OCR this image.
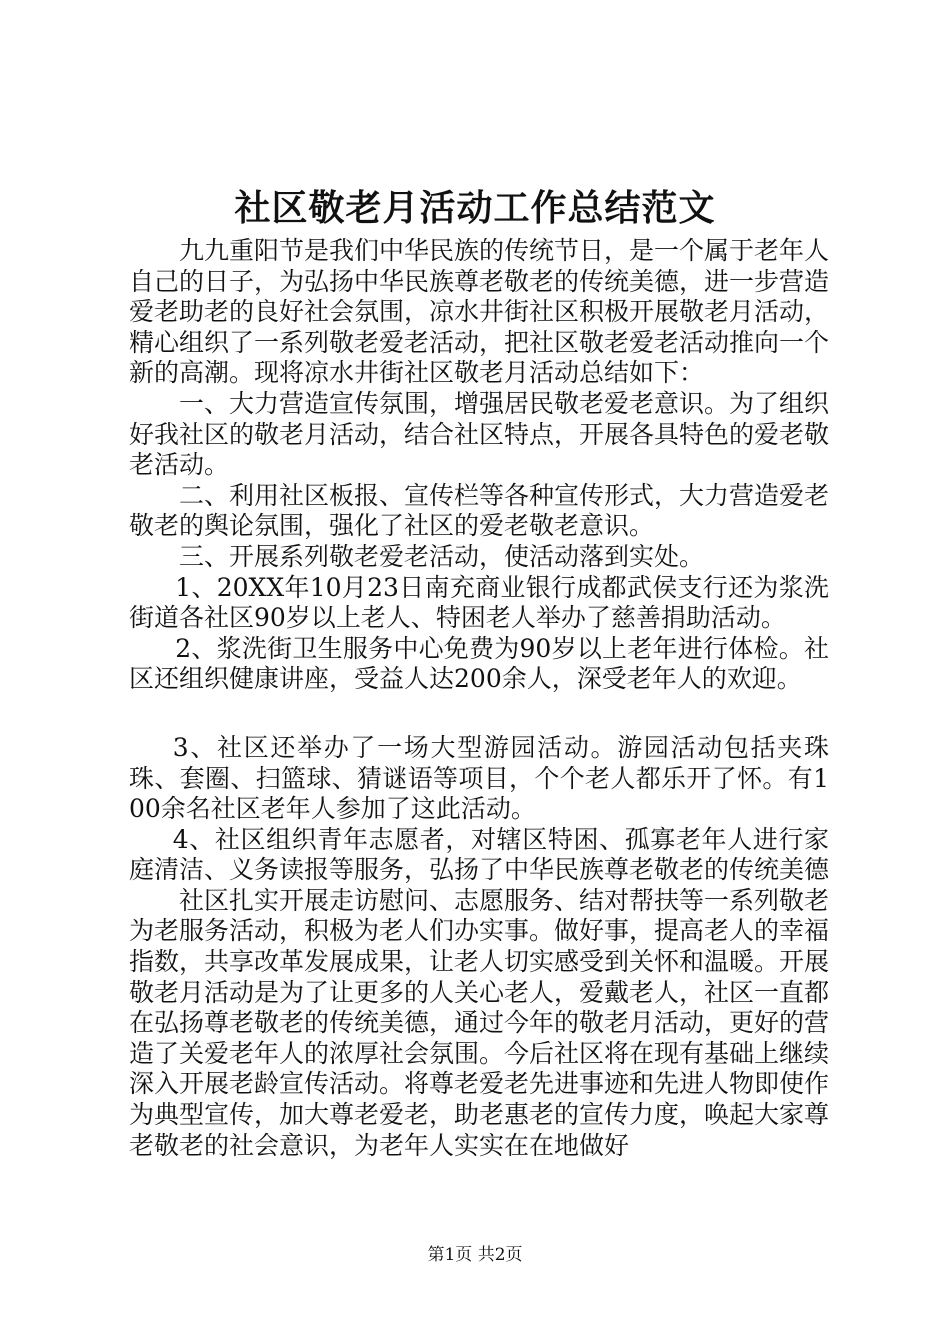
社区敬老月活动工作总结范文

九九重阳节是我们中华民族的传统节日，是一个属于老年人自己的日子，为弘扬中华民族尊老敬老的传统美德，进一步营造爱老助老的良好社会氛围，凉水井街社区积极开展敬老月活动，精心组织了一系列敬老爱老活动，把社区敬老爱老活动推向一个新的高潮。现将凉水井街社区敬老月活动总结如下：

一、大力营造宣传氛围，增强居民敬老爱老意识。为了组织好我社区的敬老月活动，结合社区特点，开展各具特色的爱老敬老活动。

二、利用社区板报、宣传栏等各种宣传形式，大力营造爱老敬老的舆论氛围，强化了社区的爱老敬老意识。

三、开展系列敬老爱老活动，使活动落到实处。

1、20XX年10月23日南充商业银行成都武侯支行还为浆洗街道各社区90岁以上老人、特困老人举办了慈善捐助活动。

2、浆洗街卫生服务中心免费为90岁以上老年进行体检。社区还组织健康讲座，受益人达200余人，深受老年人的欢迎。

3、社区还举办了一场大型游园活动。游园活动包括夹珠珠、套圈、扫篮球、猜谜语等项目，个个老人都乐开了怀。有100余名社区老年人参加了这此活动。

4、社区组织青年志愿者，对辖区特困、孤寡老年人进行家庭清洁、义务读报等服务，弘扬了中华民族尊老敬老的传统美德

社区扎实开展走访慰问、志愿服务、结对帮扶等一系列敬老为老服务活动，积极为老人们办实事。做好事，提高老人的幸福指数，共享改革发展成果，让老人切实感受到关怀和温暖。开展敬老月活动是为了让更多的人关心老人，爱戴老人，社区一直都在弘扬尊老敬老的传统美德，通过今年的敬老月活动，更好的营造了关爱老年人的浓厚社会氛围。今后社区将在现有基础上继续深入开展老龄宣传活动。将尊老爱老先进事迹和先进人物即使作为典型宣传，加大尊老爱老，助老惠老的宣传力度，唤起大家尊老敬老的社会意识，为老年人实实在在地做好

第1页 共2页
